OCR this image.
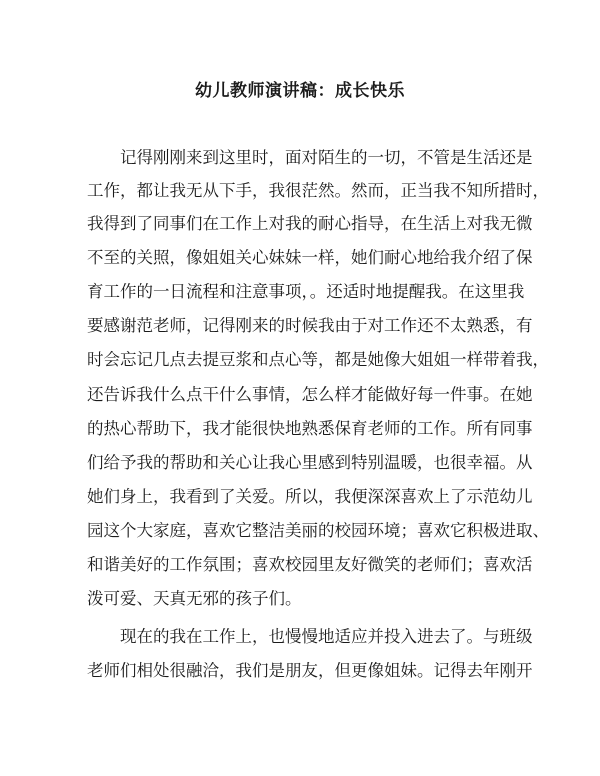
幼儿教师演讲稿：成长快乐
记得刚刚来到这里时，面对陌生的一切，不管是生活还是
工作，都让我无从下手，我很茫然。然而，正当我不知所措时，
我得到了同事们在工作上对我的耐心指导，在生活上对我无微
不至的关照，像姐姐关心妹妹一样，她们耐心地给我介绍了保
育工作的一日流程和注意事项，。还适时地提醒我。在这里我
要感谢范老师，记得刚来的时候我由于对工作还不太熟悉，有
时会忘记几点去提豆浆和点心等，都是她像大姐姐一样带着我，
还告诉我什么点干什么事情，怎么样才能做好每一件事。在她
的热心帮助下，我才能很快地熟悉保育老师的工作。所有同事
们给予我的帮助和关心让我心里感到特别温暖，也很幸福。从
她们身上，我看到了关爱。所以，我便深深喜欢上了示范幼儿
园这个大家庭，喜欢它整洁美丽的校园环境；喜欢它积极进取、
和谐美好的工作氛围；喜欢校园里友好微笑的老师们；喜欢活
泼可爱、天真无邪的孩子们。
现在的我在工作上，也慢慢地适应并投入进去了。与班级
老师们相处很融洽，我们是朋友，但更像姐妹。记得去年刚开
